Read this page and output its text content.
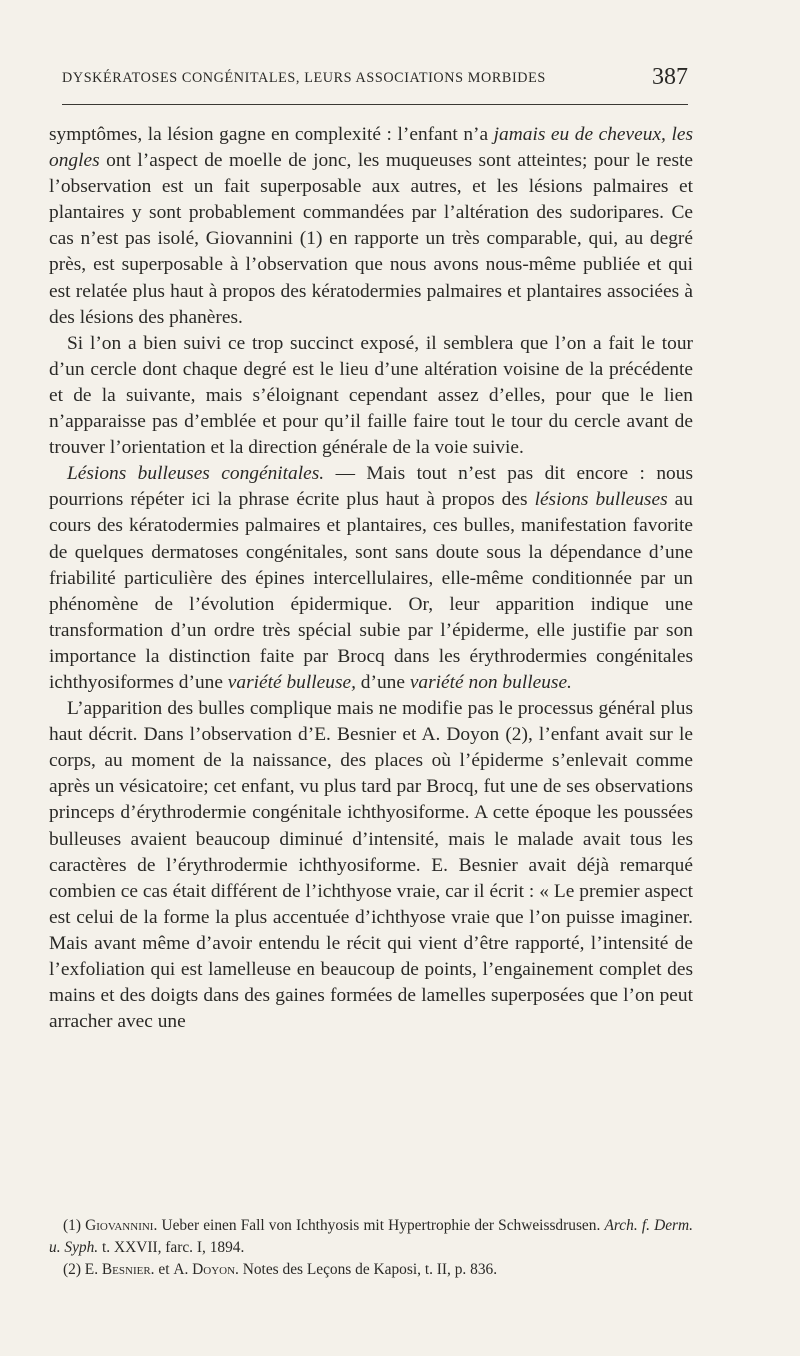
DYSKÉRATOSES CONGÉNITALES, LEURS ASSOCIATIONS MORBIDES	387

symptômes, la lésion gagne en complexité : l’enfant n’a jamais eu de cheveux, les ongles ont l’aspect de moelle de jonc, les muqueuses sont atteintes; pour le reste l’observation est un fait superposable aux autres, et les lésions palmaires et plantaires y sont probablement commandées par l’altération des sudoripares. Ce cas n’est pas isolé, Giovannini (1) en rapporte un très comparable, qui, au degré près, est superposable à l’observation que nous avons nous-même publiée et qui est relatée plus haut à propos des kératodermies palmaires et plantaires associées à des lésions des phanères.

Si l’on a bien suivi ce trop succinct exposé, il semblera que l’on a fait le tour d’un cercle dont chaque degré est le lieu d’une altération voisine de la précédente et de la suivante, mais s’éloignant cependant assez d’elles, pour que le lien n’apparaisse pas d’emblée et pour qu’il faille faire tout le tour du cercle avant de trouver l’orientation et la direction générale de la voie suivie.

Lésions bulleuses congénitales. — Mais tout n’est pas dit encore : nous pourrions répéter ici la phrase écrite plus haut à propos des lésions bulleuses au cours des kératodermies palmaires et plantaires, ces bulles, manifestation favorite de quelques dermatoses congénitales, sont sans doute sous la dépendance d’une friabilité particulière des épines intercellulaires, elle-même conditionnée par un phénomène de l’évolution épidermique. Or, leur apparition indique une transformation d’un ordre très spécial subie par l’épiderme, elle justifie par son importance la distinction faite par Brocq dans les érythrodermies congénitales ichthyosiformes d’une variété bulleuse, d’une variété non bulleuse.

L’apparition des bulles complique mais ne modifie pas le processus général plus haut décrit. Dans l’observation d’E. Besnier et A. Doyon (2), l’enfant avait sur le corps, au moment de la naissance, des places où l’épiderme s’enlevait comme après un vésicatoire; cet enfant, vu plus tard par Brocq, fut une de ses observations princeps d’érythrodermie congénitale ichthyosiforme. A cette époque les poussées bulleuses avaient beaucoup diminué d’intensité, mais le malade avait tous les caractères de l’érythrodermie ichthyosiforme. E. Besnier avait déjà remarqué combien ce cas était différent de l’ichthyose vraie, car il écrit : « Le premier aspect est celui de la forme la plus accentuée d’ichthyose vraie que l’on puisse imaginer. Mais avant même d’avoir entendu le récit qui vient d’être rapporté, l’intensité de l’exfoliation qui est lamelleuse en beaucoup de points, l’engainement complet des mains et des doigts dans des gaines formées de lamelles superposées que l’on peut arracher avec une

(1) Giovannini. Ueber einen Fall von Ichthyosis mit Hypertrophie der Schweissdrusen. Arch. f. Derm. u. Syph. t. XXVII, farc. I, 1894.

(2) E. Besnier. et A. Doyon. Notes des Leçons de Kaposi, t. II, p. 836.
